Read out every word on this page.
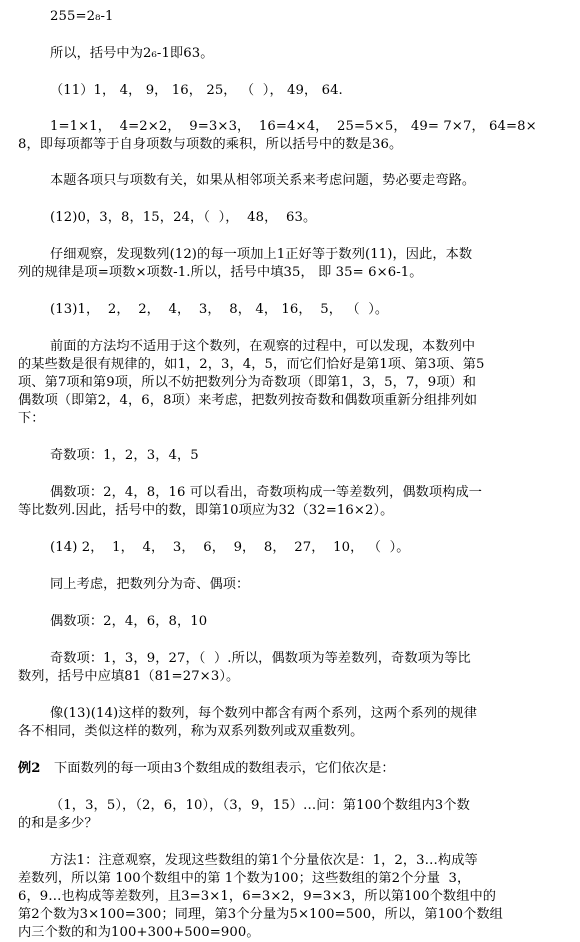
255=2₈-1
所以，括号中为2₆-1即63。
（11）1， 4， 9， 16， 25， （  ）， 49， 64.
1=1×1，  4=2×2，  9=3×3，  16=4×4，  25=5×5， 49= 7×7， 64=8×
8，即每项都等于自身项数与项数的乘积，所以括号中的数是36。
本题各项只与项数有关，如果从相邻项关系来考虑问题，势必要走弯路。
(12)0，3，8，15，24，（  ），  48，  63。
仔细观察，发现数列(12)的每一项加上1正好等于数列(11)，因此，本数
列的规律是项=项数×项数-1.所以，括号中填35， 即 35= 6×6-1。
(13)1，  2，  2，  4，  3，  8， 4， 16，  5， （  ）。
前面的方法均不适用于这个数列，在观察的过程中，可以发现，本数列中
的某些数是很有规律的，如1，2，3，4，5，而它们恰好是第1项、第3项、第5
项、第7项和第9项，所以不妨把数列分为奇数项（即第1，3，5，7，9项）和
偶数项（即第2，4，6，8项）来考虑，把数列按奇数和偶数项重新分组排列如
下：
奇数项：1，2，3，4，5
偶数项：2，4，8，16 可以看出，奇数项构成一等差数列，偶数项构成一
等比数列.因此，括号中的数，即第10项应为32（32=16×2）。
(14) 2，  1，  4，  3，  6，  9，  8，  27，  10， （  ）。
同上考虑，把数列分为奇、偶项：
偶数项：2，4，6，8，10
奇数项：1，3，9，27，（  ）.所以，偶数项为等差数列，奇数项为等比
数列，括号中应填81（81=27×3）。
像(13)(14)这样的数列，每个数列中都含有两个系列，这两个系列的规律
各不相同，类似这样的数列，称为双系列数列或双重数列。
例2 下面数列的每一项由3个数组成的数组表示，它们依次是：
（1，3，5），（2，6，10），（3，9，15）…问：第100个数组内3个数
的和是多少？
方法1：注意观察，发现这些数组的第1个分量依次是：1，2，3…构成等
差数列，所以第 100个数组中的第 1个数为100；这些数组的第2个分量  3，
6，9…也构成等差数列，且3=3×1，6=3×2，9=3×3，所以第100个数组中的
第2个数为3×100=300；同理，第3个分量为5×100=500，所以，第100个数组
内三个数的和为100+300+500=900。
